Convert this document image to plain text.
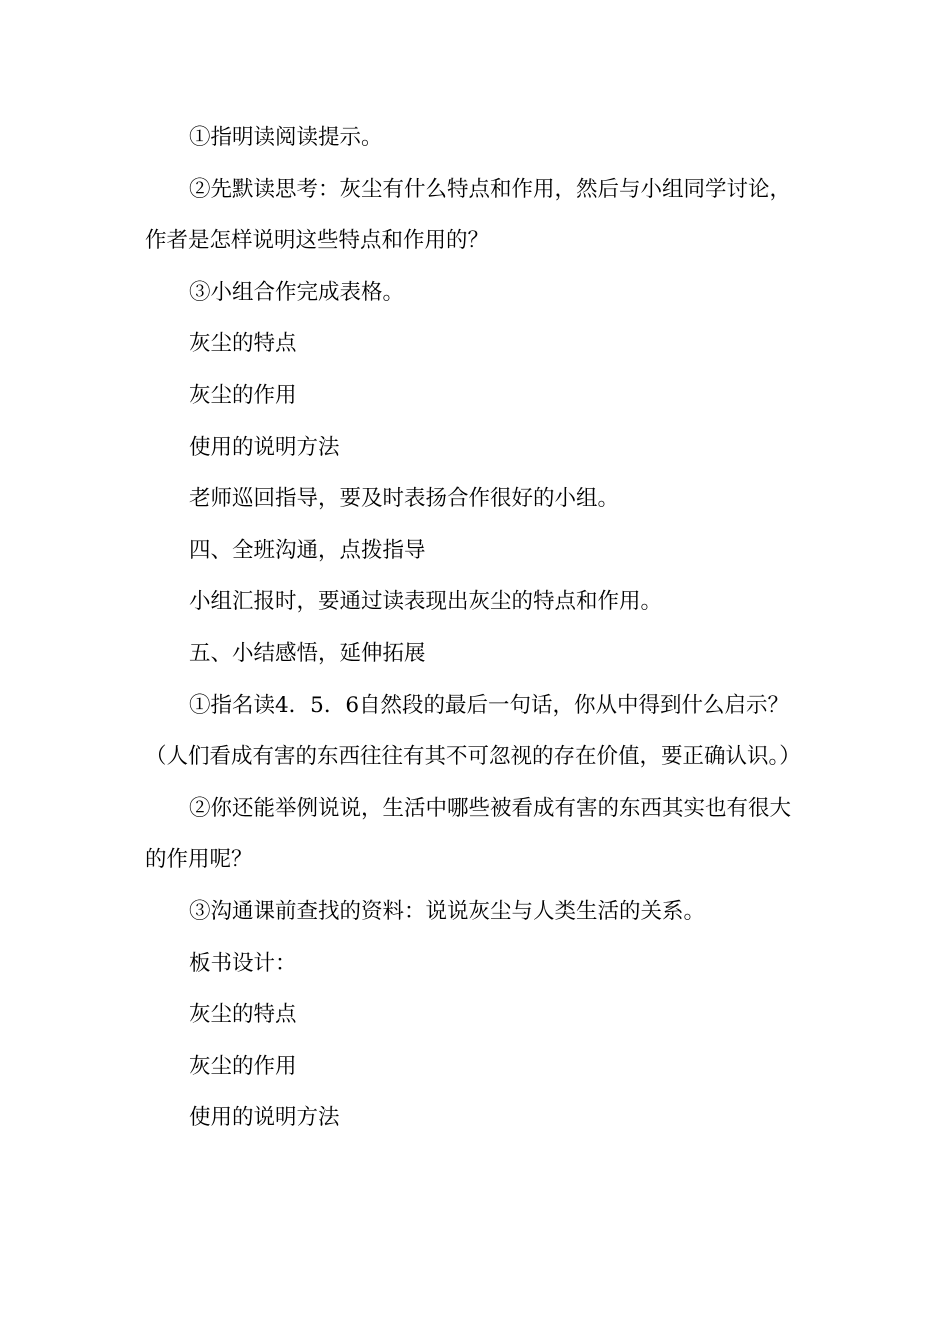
①指明读阅读提示。

②先默读思考：灰尘有什么特点和作用，然后与小组同学讨论，作者是怎样说明这些特点和作用的？

③小组合作完成表格。

灰尘的特点

灰尘的作用

使用的说明方法

老师巡回指导，要及时表扬合作很好的小组。

四、全班沟通，点拨指导

小组汇报时，要通过读表现出灰尘的特点和作用。

五、小结感悟，延伸拓展

①指名读4．5．6自然段的最后一句话，你从中得到什么启示？（人们看成有害的东西往往有其不可忽视的存在价值，要正确认识。）

②你还能举例说说，生活中哪些被看成有害的东西其实也有很大的作用呢？

③沟通课前查找的资料：说说灰尘与人类生活的关系。

板书设计：

灰尘的特点

灰尘的作用

使用的说明方法
